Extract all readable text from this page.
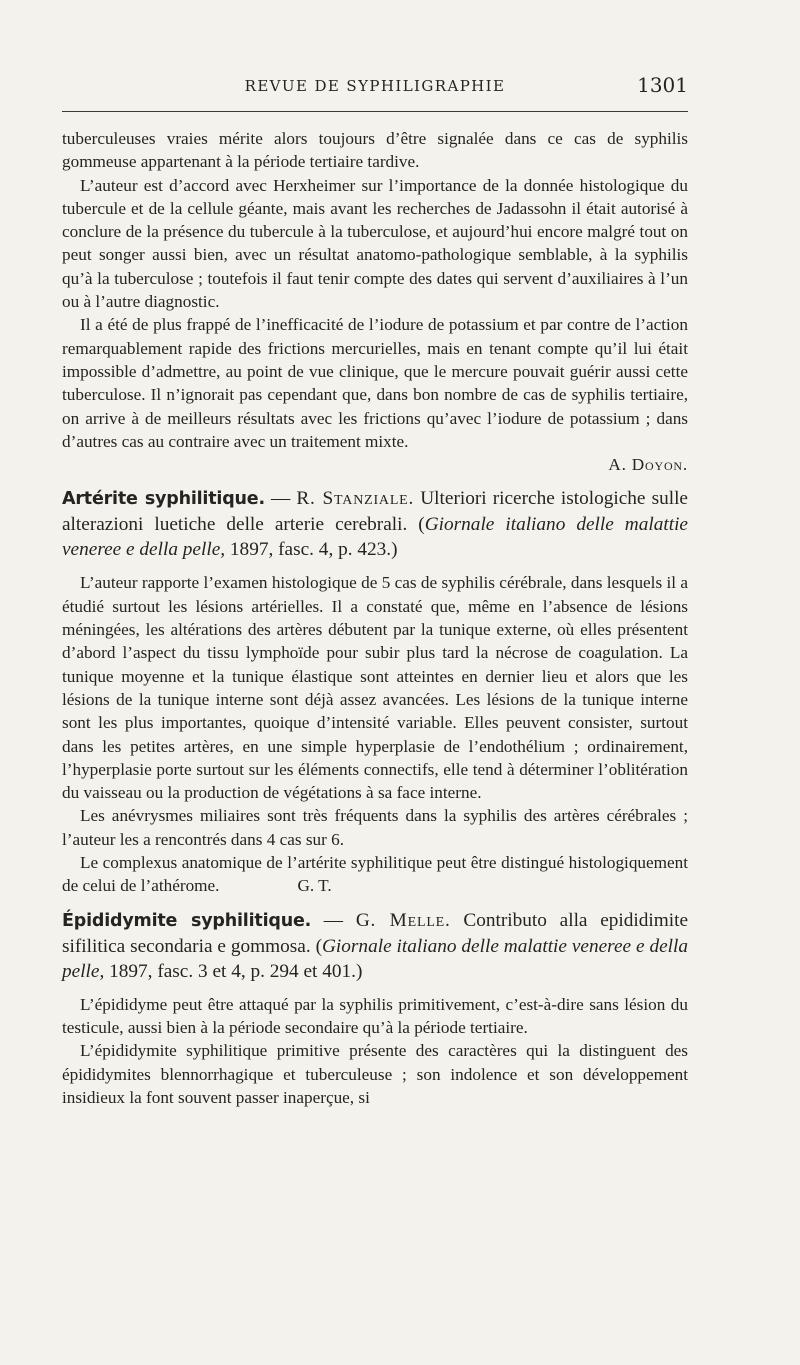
REVUE DE SYPHILIGRAPHIE	1301

tuberculeuses vraies mérite alors toujours d’être signalée dans ce cas de syphilis gommeuse appartenant à la période tertiaire tardive.

L’auteur est d’accord avec Herxheimer sur l’importance de la donnée histologique du tubercule et de la cellule géante, mais avant les recherches de Jadassohn il était autorisé à conclure de la présence du tubercule à la tuberculose, et aujourd’hui encore malgré tout on peut songer aussi bien, avec un résultat anatomo-pathologique semblable, à la syphilis qu’à la tuberculose ; toutefois il faut tenir compte des dates qui servent d’auxiliaires à l’un ou à l’autre diagnostic.

Il a été de plus frappé de l’inefficacité de l’iodure de potassium et par contre de l’action remarquablement rapide des frictions mercurielles, mais en tenant compte qu’il lui était impossible d’admettre, au point de vue clinique, que le mercure pouvait guérir aussi cette tuberculose. Il n’ignorait pas cependant que, dans bon nombre de cas de syphilis tertiaire, on arrive à de meilleurs résultats avec les frictions qu’avec l’iodure de potassium ; dans d’autres cas au contraire avec un traitement mixte.

A. Doyon.

Artérite syphilitique. — R. Stanziale. Ulteriori ricerche istologiche sulle alterazioni luetiche delle arterie cerebrali. (Giornale italiano delle malattie veneree e della pelle, 1897, fasc. 4, p. 423.)

L’auteur rapporte l’examen histologique de 5 cas de syphilis cérébrale, dans lesquels il a étudié surtout les lésions artérielles. Il a constaté que, même en l’absence de lésions méningées, les altérations des artères débutent par la tunique externe, où elles présentent d’abord l’aspect du tissu lymphoïde pour subir plus tard la nécrose de coagulation. La tunique moyenne et la tunique élastique sont atteintes en dernier lieu et alors que les lésions de la tunique interne sont déjà assez avancées. Les lésions de la tunique interne sont les plus importantes, quoique d’intensité variable. Elles peuvent consister, surtout dans les petites artères, en une simple hyperplasie de l’endothélium ; ordinairement, l’hyperplasie porte surtout sur les éléments connectifs, elle tend à déterminer l’oblitération du vaisseau ou la production de végétations à sa face interne.

Les anévrysmes miliaires sont très fréquents dans la syphilis des artères cérébrales ; l’auteur les a rencontrés dans 4 cas sur 6.

Le complexus anatomique de l’artérite syphilitique peut être distingué histologiquement de celui de l’athérome.	G. T.

Épididymite syphilitique. — G. Melle. Contributo alla epididimite sifilitica secondaria e gommosa. (Giornale italiano delle malattie veneree e della pelle, 1897, fasc. 3 et 4, p. 294 et 401.)

L’épididyme peut être attaqué par la syphilis primitivement, c’est-à-dire sans lésion du testicule, aussi bien à la période secondaire qu’à la période tertiaire.

L’épididymite syphilitique primitive présente des caractères qui la distinguent des épididymites blennorrhagique et tuberculeuse ; son indolence et son développement insidieux la font souvent passer inaperçue, si
